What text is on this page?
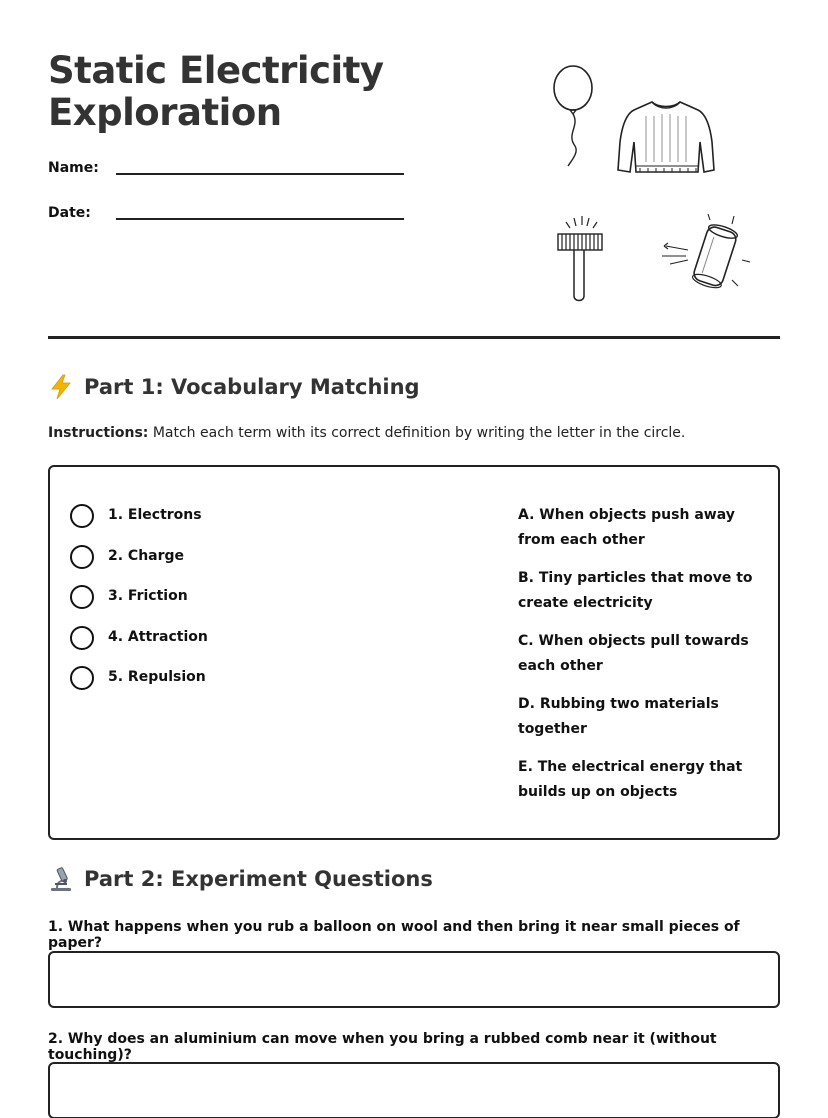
Static Electricity Exploration
Name:
Date:
Part 1: Vocabulary Matching

Instructions: Match each term with its correct definition by writing the letter in the circle.

1. Electrons
2. Charge
3. Friction
4. Attraction
5. Repulsion

A. When objects push away from each other

B. Tiny particles that move to create electricity

C. When objects pull towards each other

D. Rubbing two materials together

E. The electrical energy that builds up on objects

Part 2: Experiment Questions

1. What happens when you rub a balloon on wool and then bring it near small pieces of paper?

2. Why does an aluminium can move when you bring a rubbed comb near it (without touching)?
